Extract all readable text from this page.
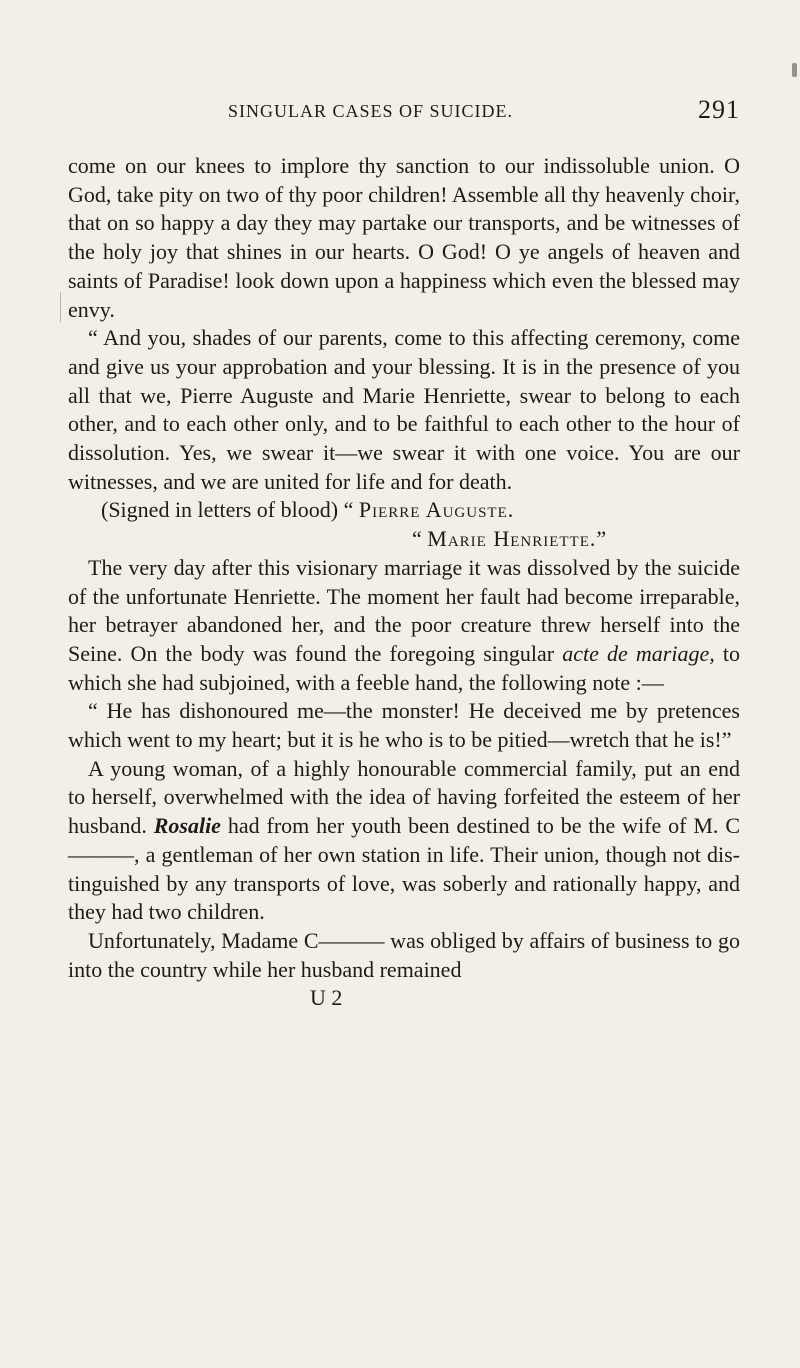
SINGULAR CASES OF SUICIDE.	291

come on our knees to implore thy sanction to our indissoluble union. O God, take pity on two of thy poor children! Assemble all thy heavenly choir, that on so happy a day they may partake our transports, and be witnesses of the holy joy that shines in our hearts. O God! O ye angels of heaven and saints of Paradise! look down upon a happiness which even the blessed may envy.

“ And you, shades of our parents, come to this affecting ceremony, come and give us your approbation and your blessing. It is in the presence of you all that we, Pierre Auguste and Marie Henriette, swear to belong to each other, and to each other only, and to be faithful to each other to the hour of dissolution. Yes, we swear it—we swear it with one voice. You are our witnesses, and we are united for life and for death.

(Signed in letters of blood) “ Pierre Auguste.

“ Marie Henriette.”

The very day after this visionary marriage it was dissolved by the suicide of the unfortunate Henriette. The moment her fault had become irreparable, her betrayer abandoned her, and the poor creature threw herself into the Seine. On the body was found the foregoing singular acte de mariage, to which she had subjoined, with a feeble hand, the following note :—

“ He has dishonoured me—the monster! He deceived me by pretences which went to my heart; but it is he who is to be pitied—wretch that he is!”

A young woman, of a highly honourable commercial family, put an end to herself, overwhelmed with the idea of having forfeited the esteem of her husband. Rosalie had from her youth been destined to be the wife of M. C———, a gentleman of her own station in life. Their union, though not distinguished by any transports of love, was soberly and rationally happy, and they had two children.

Unfortunately, Madame C——— was obliged by affairs of business to go into the country while her husband remained

U 2
